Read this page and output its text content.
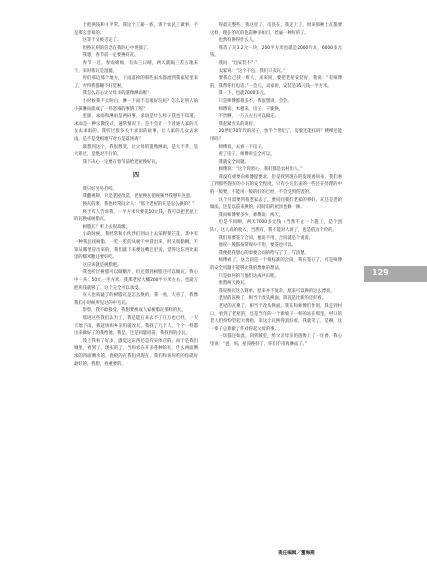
于把换钱和寸平常。我这个工薪一族，请个农民工做事，不是那么容易的。

这等于又被否定了。

但换瓦则的信念在我的心中更强了。

我想，春节前一定要换好瓦。

春节一过，春雨绵绵，有农三日晴，两天就隔三差五地来下，来时我瓦是湿漉。

你们那边那个地方，下雨落掉的那些雨水都流到我家屋里来了，弄得我都睡不好觉啦。

我怎么忍心让父母亲的遗像淋雨呢！

小时候我不太明白，淋一下雨不是很好玩吗？怎么让别人的小孩淋雨就成了一件恶毒的事情了呢？

里面，求雨和淋雨是两码事，求雨是什么样子我也不知道，求雨是一种宗教仪式，通常情况下，是不会让一个普通人家的儿女去求雨的。我听过很多关于求雨的故事，让人家的儿女去求雨，是不是变相地写对方是落汤鸡？

联想到这个，我很想哭，让父母的遗像淋雨，是大不孝，是大罪过，是绝对不行的。

我下决心一定要在春节前给老屋换好瓦。

四

我只好另外打听。

我翻视频，只是老屋改造、老屋换瓦把视频导我掰开注意。

换瓦的事，我也经常问亲人：“那个老屋的瓦是怎么换的？”

终于有人告诉我，一平方米只要花50元钱，我可以把老屋上的瓦换成树脂瓦。

树脂瓦？听上去很高级。

小的时候，我经常和小伙伴们到山上去采野菜芒花，其中有一种我总找树脂，一吃一吃的从树干中冒出来，时又很黏稠，不知从哪里冒出来的，我们就下来便往嘴巴里送，觉得这东西比家里的糯米糖还要好吃。

这应该就是树脂吧。

我也听过树脂可以做糖片，但还想到树脂还可以做瓦，我心中一喜：50元一平方米，我那老屋大概200平方米左右，也就万把块钱就够了，这个完全可以承受。

有人也质疑了的树脂瓦是怎么换的，我一看，大喜了，我像我们小时候所见过的中毛瓦。

察察，我不敢接受，我想要换成人家树脂瓦那样的瓦。

那进这些我们认为了，我是能后来去不了几万也已经，一天天地下雨，我赶快叫乡亲们就改瓦，我找了几个人，个个一样都出来做好了的我给他，我是，还是同量同前，我找到的小瓦。

钱上我看了好多，感觉这东西还是有实体店的，而于是我们城里，看到了，现实的了，当和农在开多各种的瓦，什么两面侧水的四面侧水的，瓷板的瓦我们到现在，我们和说你吃的你就好最好的，我想，看重要的。

得最完整些。我这里了，房县在，我走上了，原来那种土瓦都要这样，现在的瓦的色彩种多如目，丝毫一种好的了。

也然有换得什么人，

我选了瓦3.2元一块，200平方米也就是2000片瓦，6000多元钱。

我问：“包安装不？”

卖家说：“这个不包，我们只卖瓦。”

要我自己找一班人，来来回，要把老屋安装好，我说：“有师傅的，我帮你打电话。”一会儿，卖家说，安装是35元钱一平方米。

算一下，也就7000多元。

只是师傅都很多不，我很想讲，会会。

师傅说，木板来，房子，干脆换。

不贵啊，一万五左右可以搞定。

我赶紧点头的说好。

20世纪70年代的房子，快半个世纪了，房梁还能扛吗？楼梯还能用吗？

师傅说，去看一下房子。

看了房子，师傅说完全可以。

我就安全问题。

师傅说：“这个你放心，我们都是农村出人。”

我没有重要向师傅提要求，但是找到现在的发现再回来，我们看了到那些现在的小瓦的安全程度，只有小瓦出来的一些还在处理的中的一般要，不能用一般的好的已经，不会受到伤害的。

这个月需要到我老家去了，要问问我们老家的事好，瓦还是老的做法，还是以前来换的，同时旧的屋顶也修一修。

我问师傅要多少，师傅说：两天。

但是不同啊，两天7000多元钱（当然不止一个施工，是个团队），这人高的收入，当然有，我不能对人讲了，也是值这个价的。

我们说要签个合同，他说不用，合同就是个说说。

他说一般都按常规办不用，要签也可以。

我便把我想心的原要合同的给写了了，写清楚。

师傅看了，这合同是一个很标准的合同，我在签订了，可是师傅的安全问题不能够让我的想象的想法。

只是如何的与他们达成共识呢。

果然两天换瓦。

我说换瓦这么简单，原来并不复杂，原来可以换的这么漂亮。

老屋的瓦换了，相当于改头换面，简直是比新的还好看。

老屋的瓦换了，相当于改头换面。我在和师傅们作别，我走到村口，看到了老屋的，还是当年的一个新娘子一样的站在那里。村口的老人们纷纷竖起大拇指，说这个瓦换得真好看。我就笑了，是啊，这一辈子总算做了件对得起父母的事。

一切都还如此。回到城里，给父亲母亲的遗像上了一炷香，我心里说：“爸，妈，屋顶换好了，你们不用再淋雨了。”

129
责任编辑／董海燕
